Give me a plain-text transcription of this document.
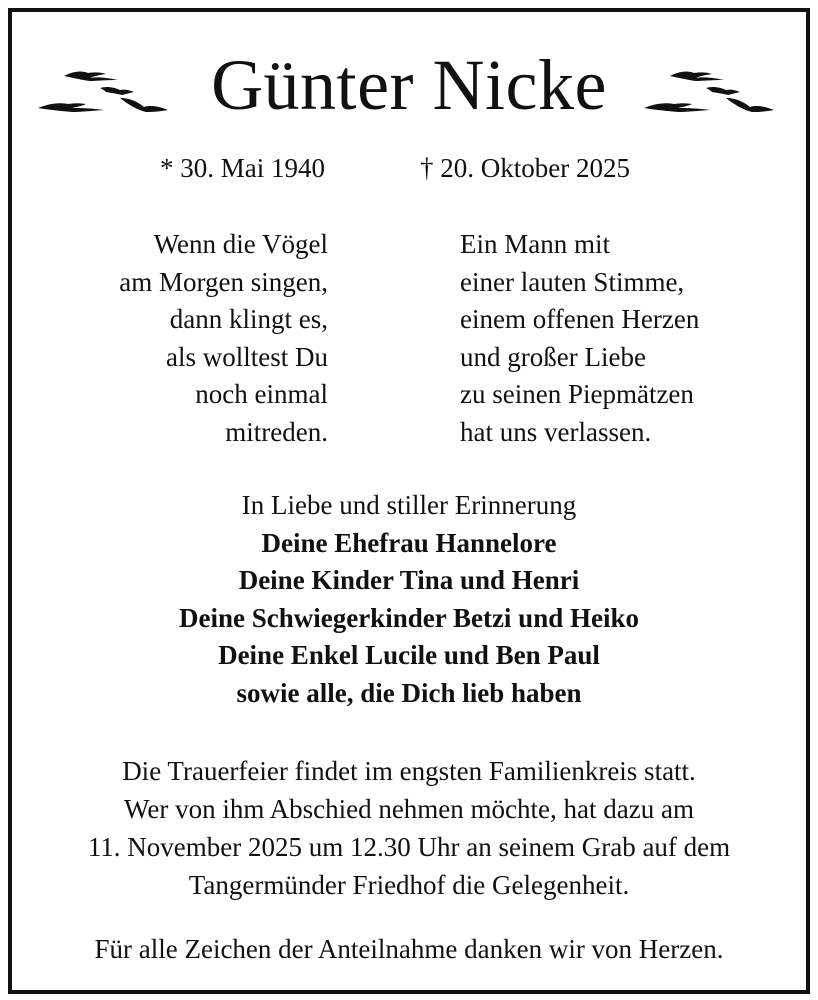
Günter Nicke
* 30. Mai 1940	† 20. Oktober 2025
Wenn die Vögel
am Morgen singen,
dann klingt es,
als wolltest Du
noch einmal
mitreden.
Ein Mann mit
einer lauten Stimme,
einem offenen Herzen
und großer Liebe
zu seinen Piepmätzen
hat uns verlassen.
In Liebe und stiller Erinnerung
Deine Ehefrau Hannelore
Deine Kinder Tina und Henri
Deine Schwiegerkinder Betzi und Heiko
Deine Enkel Lucile und Ben Paul
sowie alle, die Dich lieb haben
Die Trauerfeier findet im engsten Familienkreis statt.
Wer von ihm Abschied nehmen möchte, hat dazu am
11. November 2025 um 12.30 Uhr an seinem Grab auf dem
Tangermünder Friedhof die Gelegenheit.
Für alle Zeichen der Anteilnahme danken wir von Herzen.
